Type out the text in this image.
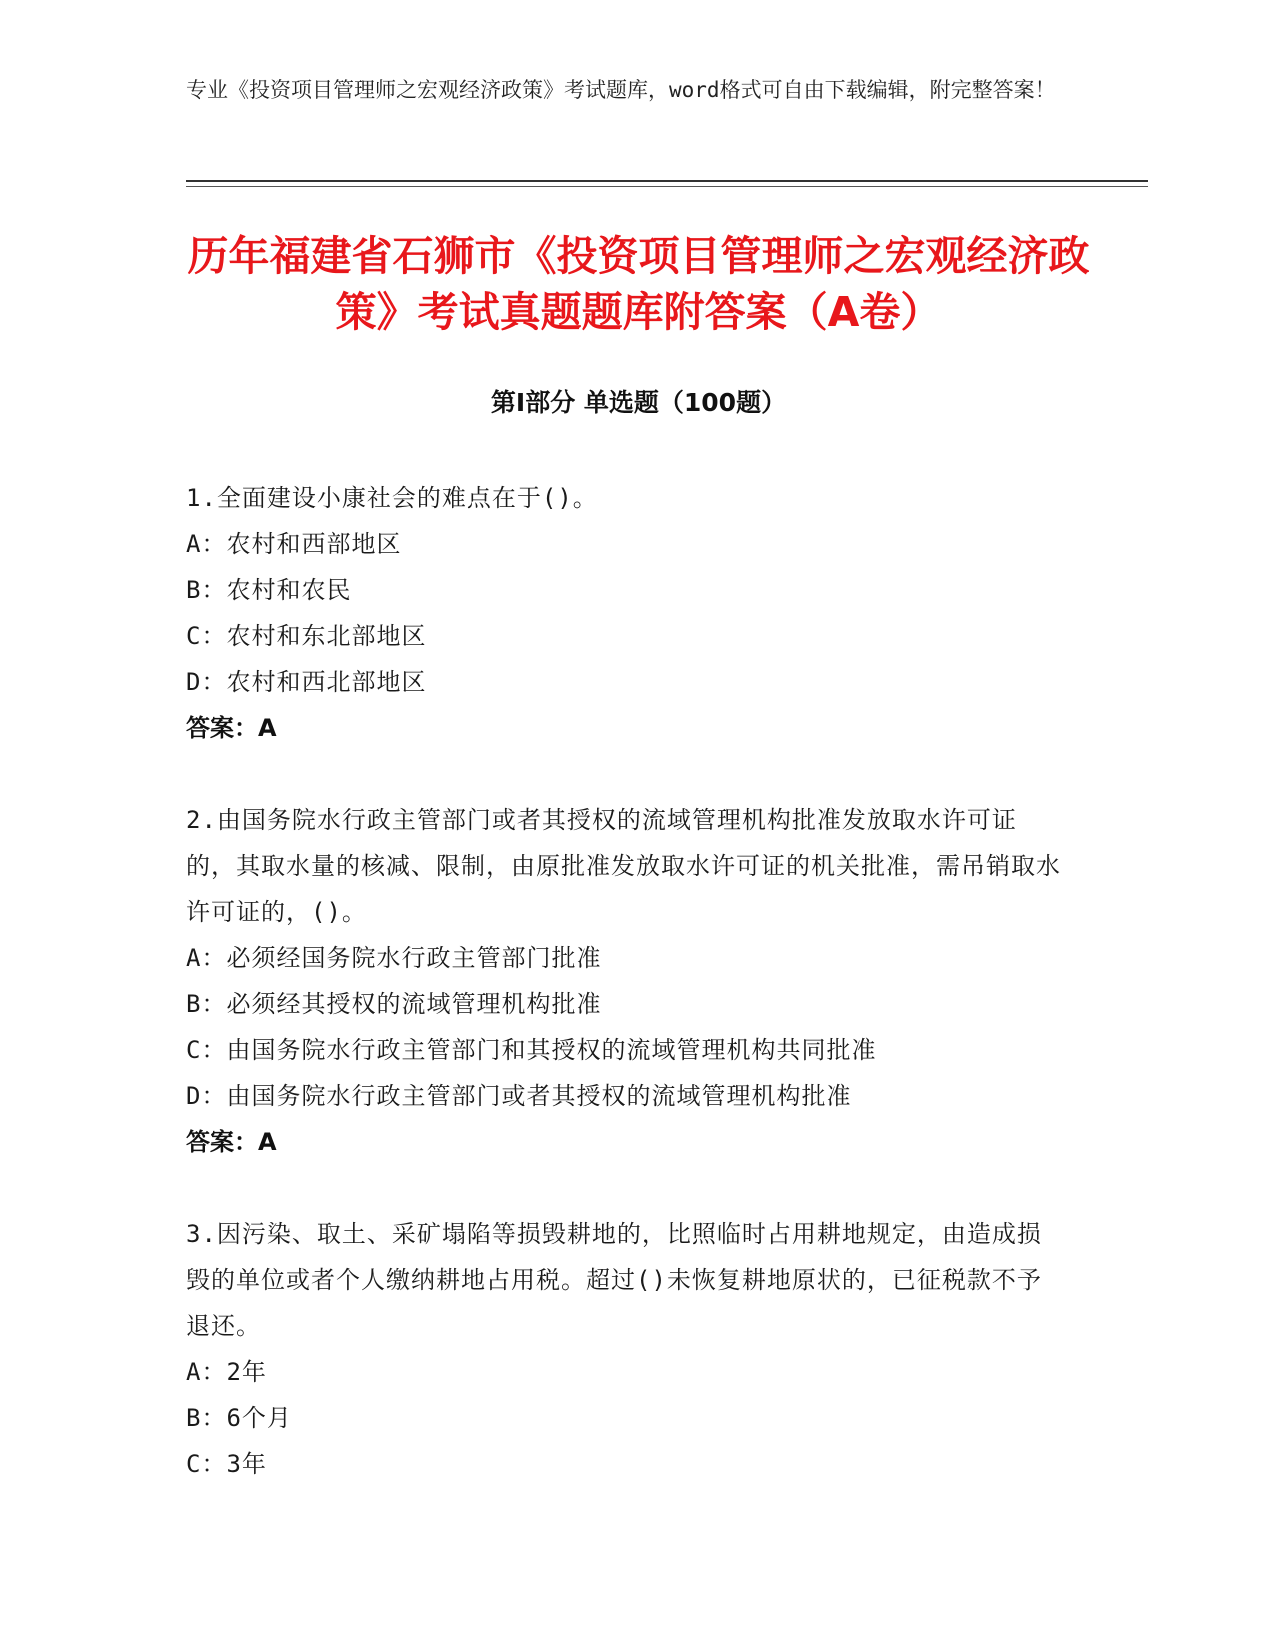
专业《投资项目管理师之宏观经济政策》考试题库，word格式可自由下载编辑，附完整答案！
历年福建省石狮市《投资项目管理师之宏观经济政策》考试真题题库附答案（A卷）
第Ⅰ部分 单选题（100题）
1.全面建设小康社会的难点在于()。
A：农村和西部地区
B：农村和农民
C：农村和东北部地区
D：农村和西北部地区
答案：A
2.由国务院水行政主管部门或者其授权的流域管理机构批准发放取水许可证的，其取水量的核减、限制，由原批准发放取水许可证的机关批准，需吊销取水许可证的，()。
A：必须经国务院水行政主管部门批准
B：必须经其授权的流域管理机构批准
C：由国务院水行政主管部门和其授权的流域管理机构共同批准
D：由国务院水行政主管部门或者其授权的流域管理机构批准
答案：A
3.因污染、取土、采矿塌陷等损毁耕地的，比照临时占用耕地规定，由造成损毁的单位或者个人缴纳耕地占用税。超过()未恢复耕地原状的，已征税款不予退还。
A：2年
B：6个月
C：3年
